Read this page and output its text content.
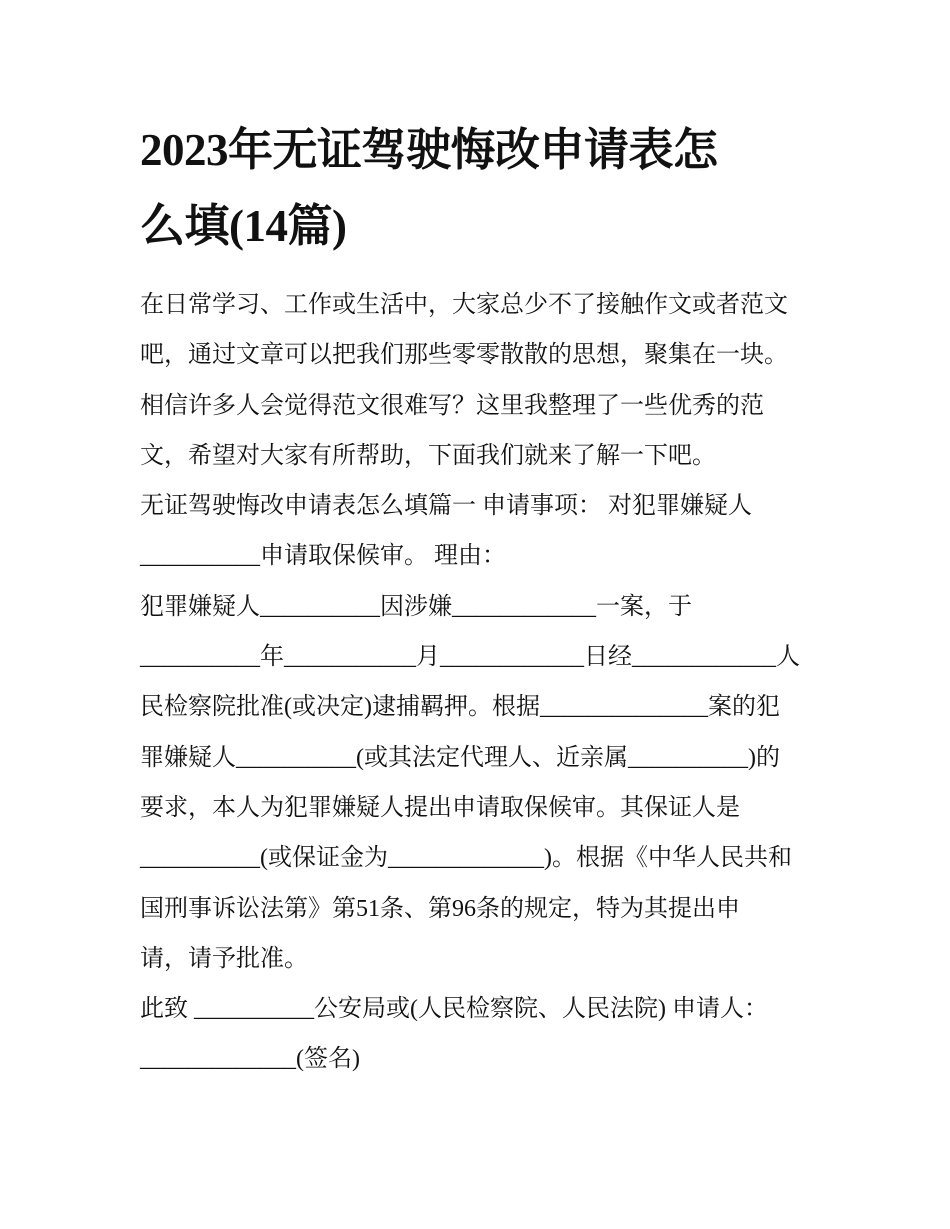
2023年无证驾驶悔改申请表怎
么填(14篇)
在日常学习、工作或生活中，大家总少不了接触作文或者范文
吧，通过文章可以把我们那些零零散散的思想，聚集在一块。
相信许多人会觉得范文很难写？这里我整理了一些优秀的范
文，希望对大家有所帮助，下面我们就来了解一下吧。
无证驾驶悔改申请表怎么填篇一 申请事项： 对犯罪嫌疑人
__________申请取保候审。 理由：
犯罪嫌疑人__________因涉嫌____________一案，于
__________年___________月____________日经____________人
民检察院批准(或决定)逮捕羁押。根据______________案的犯
罪嫌疑人__________(或其法定代理人、近亲属__________)的
要求，本人为犯罪嫌疑人提出申请取保候审。其保证人是
__________(或保证金为_____________)。根据《中华人民共和
国刑事诉讼法第》第51条、第96条的规定，特为其提出申
请，请予批准。
此致 __________公安局或(人民检察院、人民法院) 申请人：
_____________(签名)
